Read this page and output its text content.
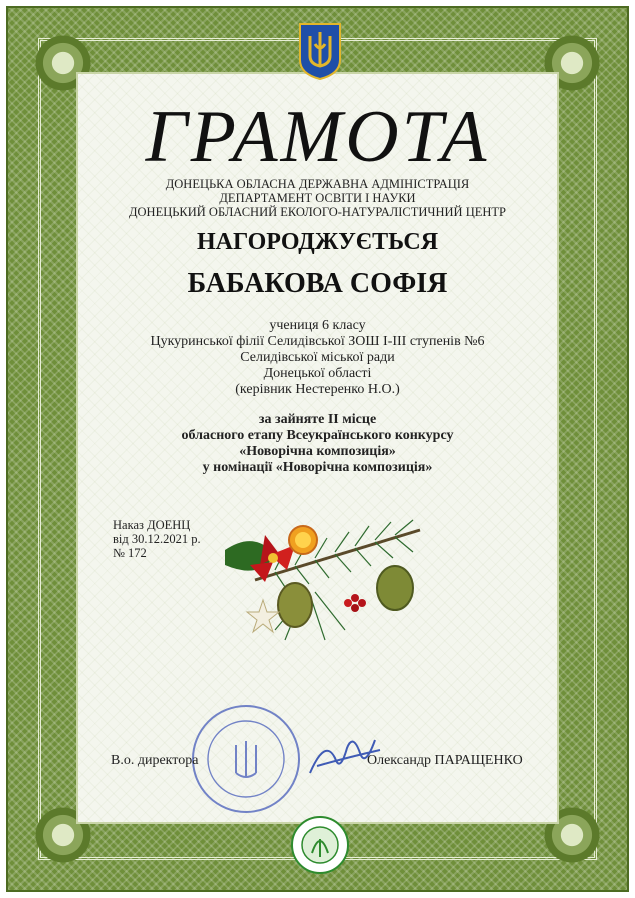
ГРАМОТА
ДОНЕЦЬКА ОБЛАСНА ДЕРЖАВНА АДМІНІСТРАЦІЯ
ДЕПАРТАМЕНТ ОСВІТИ І НАУКИ
ДОНЕЦЬКИЙ ОБЛАСНИЙ ЕКОЛОГО-НАТУРАЛІСТИЧНИЙ ЦЕНТР
НАГОРОДЖУЄТЬСЯ
БАБАКОВА СОФІЯ
учениця 6 класу
Цукуринської філії Селидівської ЗОШ І-ІІІ ступенів №6
Селидівської міської ради
Донецької області
(керівник Нестеренко Н.О.)
за зайняте ІІ місце
обласного етапу Всеукраїнського конкурсу
«Новорічна композиція»
у номінації «Новорічна композиція»
Наказ ДОЕНЦ
від 30.12.2021 р.
№ 172
В.о. директора	Олександр ПАРАЩЕНКО
